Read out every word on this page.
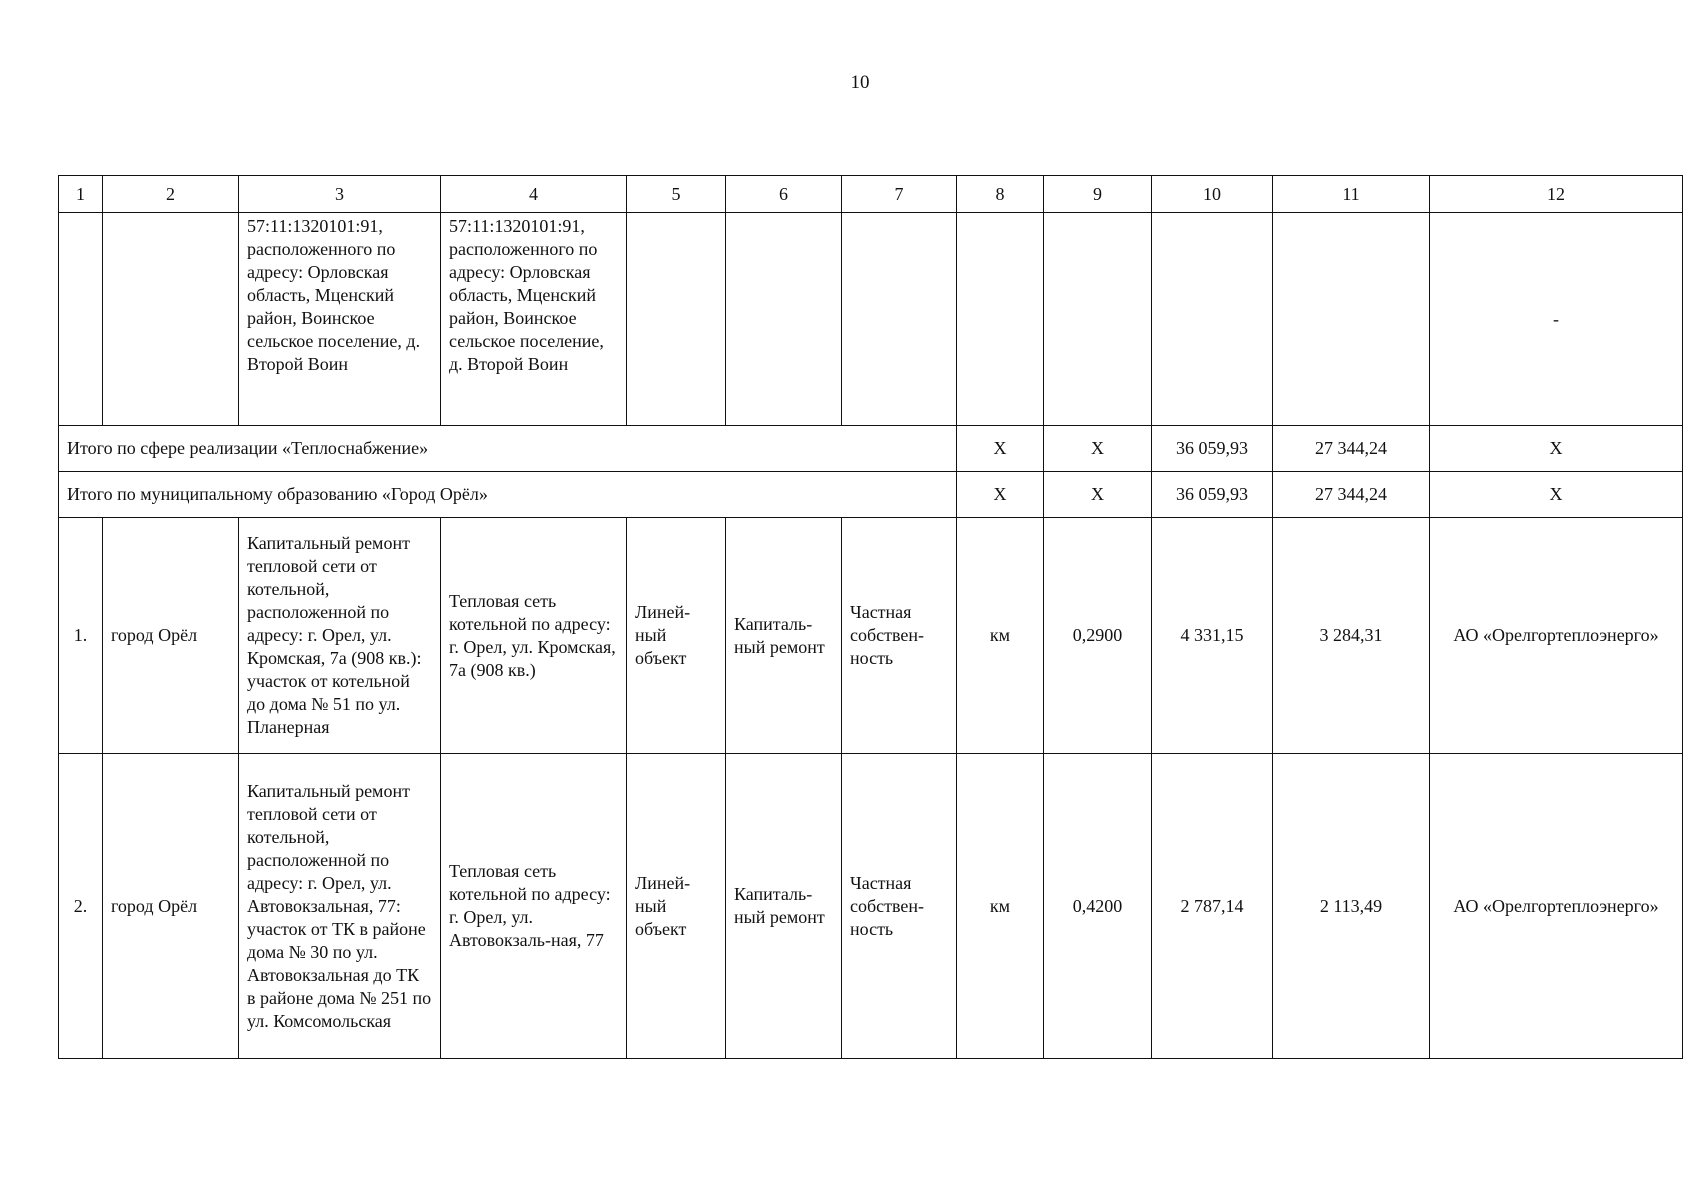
10
1	2	3	4	5	6	7	8	9	10	11	12
		57:11:1320101:91, расположенного по адресу: Орловская область, Мценский район, Воинское сельское поселение, д. Второй Воин	57:11:1320101:91, расположенного по адресу: Орловская область, Мценский район, Воинское сельское поселение, д. Второй Воин								-
Итого по сфере реализации «Теплоснабжение»							Х	Х	36 059,93	27 344,24	Х
Итого по муниципальному образованию «Город Орёл»							Х	Х	36 059,93	27 344,24	Х
1.	город Орёл	Капитальный ремонт тепловой сети от котельной, расположенной по адресу: г. Орел, ул. Кромская, 7а (908 кв.): участок от котельной до дома № 51 по ул. Планерная	Тепловая сеть котельной по адресу: г. Орел, ул. Кромская, 7а (908 кв.)	Линей-ный объект	Капиталь-ный ремонт	Частная собствен-ность	км	0,2900	4 331,15	3 284,31	АО «Орелгортеплоэнерго»
2.	город Орёл	Капитальный ремонт тепловой сети от котельной, расположенной по адресу: г. Орел, ул. Автовокзальная, 77: участок от ТК в районе дома № 30 по ул. Автовокзальная до ТК в районе дома № 251 по ул. Комсомольская	Тепловая сеть котельной по адресу: г. Орел, ул. Автовокзаль-ная, 77	Линей-ный объект	Капиталь-ный ремонт	Частная собствен-ность	км	0,4200	2 787,14	2 113,49	АО «Орелгортеплоэнерго»
